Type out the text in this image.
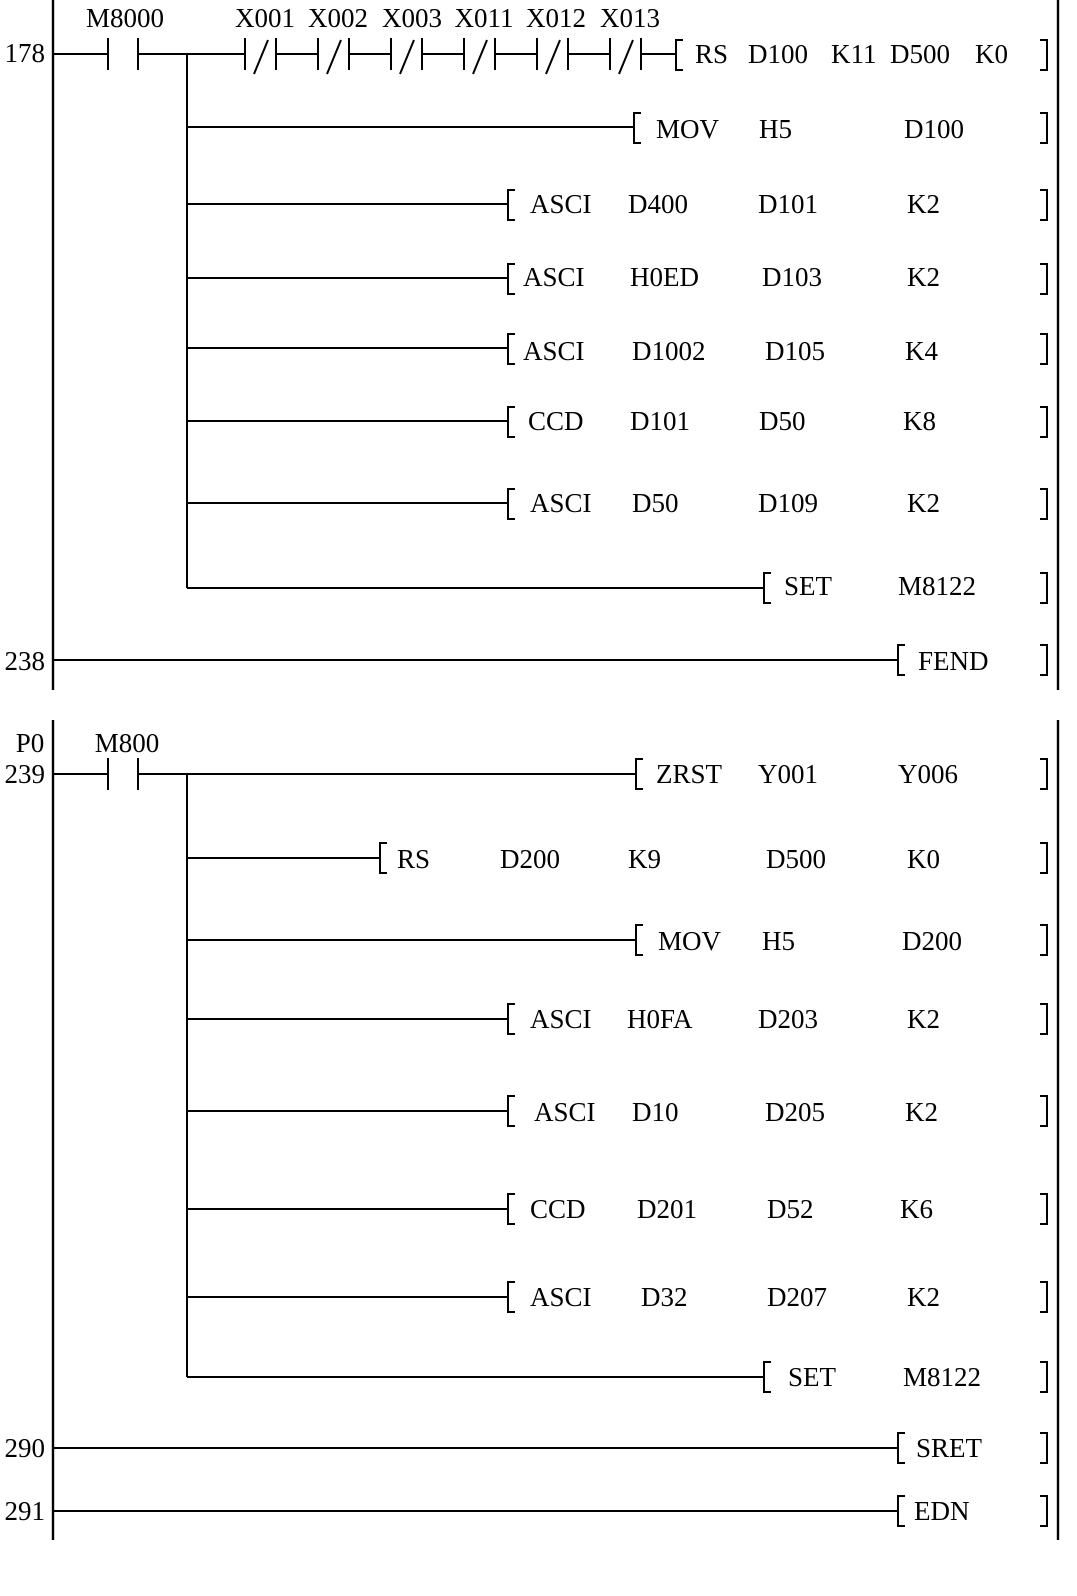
178
M8000	X001 X002 X003 X011 X012 X013
RS D100 K11 D500 K0
MOV H5	D100
ASCI D400	D101	K2
ASCI H0ED D103	K2
ASCI D1002 D105	K4
CCD D101	D50	K8
ASCI D50	D109	K2
SET M8122
238	FEND
P0
239
M800
ZRST Y001	Y006
RS	D200	K9	D500	K0
MOV H5	D200
ASCI H0FA D203	K2
ASCI D10	D205	K2
CCD D201	D52	K6
ASCI D32	D207	K2
SET M8122
290	SRET
291	EDN
